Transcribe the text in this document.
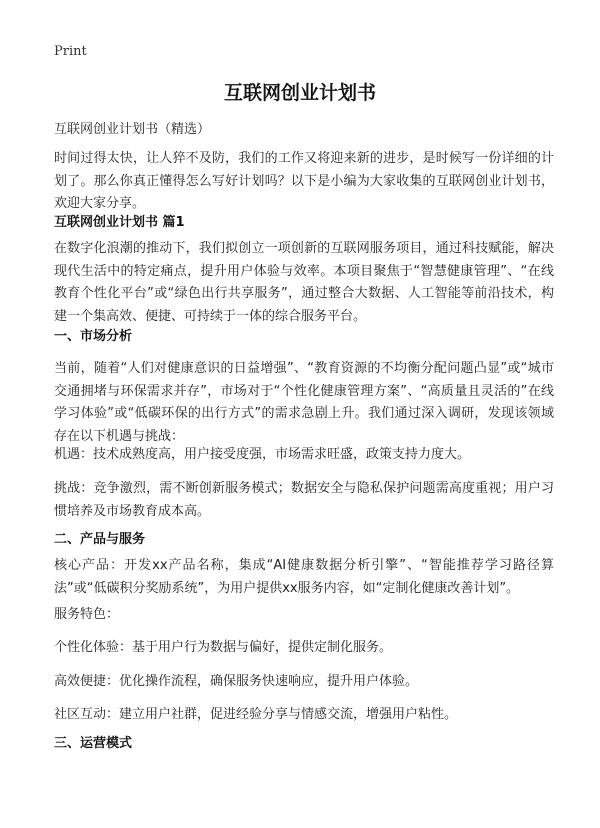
Print
互联网创业计划书

互联网创业计划书（精选）

时间过得太快，让人猝不及防，我们的工作又将迎来新的进步，是时候写一份详细的计划了。那么你真正懂得怎么写好计划吗？以下是小编为大家收集的互联网创业计划书，欢迎大家分享。

互联网创业计划书 篇1

在数字化浪潮的推动下，我们拟创立一项创新的互联网服务项目，通过科技赋能，解决现代生活中的特定痛点，提升用户体验与效率。本项目聚焦于“智慧健康管理”、“在线教育个性化平台”或“绿色出行共享服务”，通过整合大数据、人工智能等前沿技术，构建一个集高效、便捷、可持续于一体的综合服务平台。

一、市场分析

当前，随着“人们对健康意识的日益增强”、“教育资源的不均衡分配问题凸显”或“城市交通拥堵与环保需求并存”，市场对于“个性化健康管理方案”、“高质量且灵活的”在线学习体验”或“低碳环保的出行方式”的需求急剧上升。我们通过深入调研，发现该领域存在以下机遇与挑战：

机遇：技术成熟度高，用户接受度强，市场需求旺盛，政策支持力度大。

挑战：竞争激烈，需不断创新服务模式；数据安全与隐私保护问题需高度重视；用户习惯培养及市场教育成本高。

二、产品与服务

核心产品：开发xx产品名称，集成“AI健康数据分析引擎”、“智能推荐学习路径算法”或“低碳积分奖励系统”，为用户提供xx服务内容，如“定制化健康改善计划”。

服务特色：

个性化体验：基于用户行为数据与偏好，提供定制化服务。

高效便捷：优化操作流程，确保服务快速响应，提升用户体验。

社区互动：建立用户社群，促进经验分享与情感交流，增强用户粘性。

三、运营模式
